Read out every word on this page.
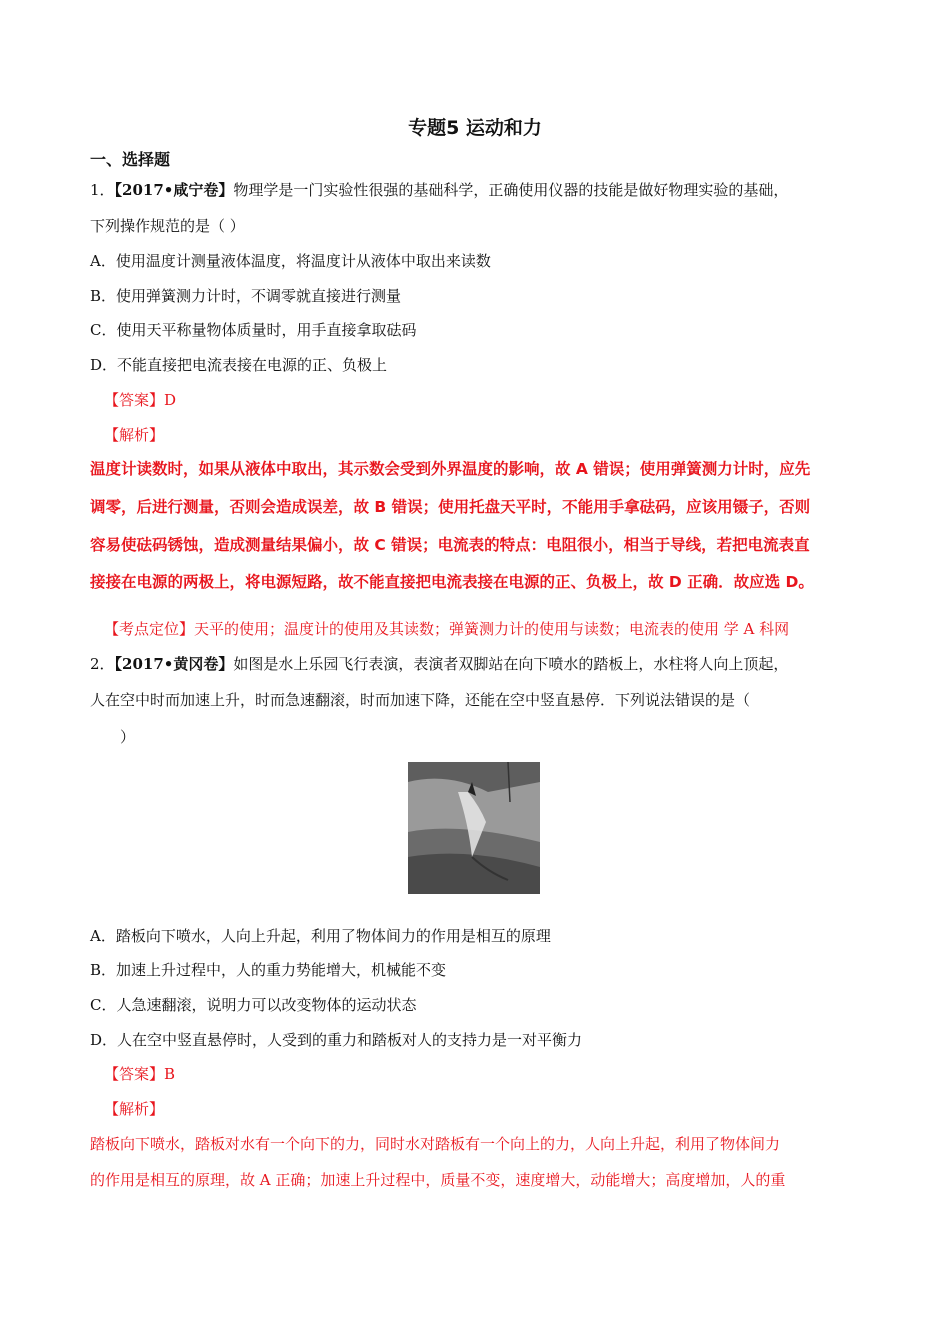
专题5 运动和力
一、选择题
1．【2017•咸宁卷】物理学是一门实验性很强的基础科学，正确使用仪器的技能是做好物理实验的基础，
下列操作规范的是（ ）
A．使用温度计测量液体温度，将温度计从液体中取出来读数
B．使用弹簧测力计时，不调零就直接进行测量
C．使用天平称量物体质量时，用手直接拿取砝码
D．不能直接把电流表接在电源的正、负极上
【答案】D
【解析】
温度计读数时，如果从液体中取出，其示数会受到外界温度的影响，故 A 错误；使用弹簧测力计时，应先
调零，后进行测量，否则会造成误差，故 B 错误；使用托盘天平时，不能用手拿砝码，应该用镊子，否则
容易使砝码锈蚀，造成测量结果偏小，故 C 错误；电流表的特点：电阻很小，相当于导线，若把电流表直
接接在电源的两极上，将电源短路，故不能直接把电流表接在电源的正、负极上，故 D 正确．故应选 D。
【考点定位】天平的使用；温度计的使用及其读数；弹簧测力计的使用与读数；电流表的使用 学 A 科网
2．【2017•黄冈卷】如图是水上乐园飞行表演，表演者双脚站在向下喷水的踏板上，水柱将人向上顶起，
人在空中时而加速上升，时而急速翻滚，时而加速下降，还能在空中竖直悬停．下列说法错误的是（
）
A．踏板向下喷水，人向上升起，利用了物体间力的作用是相互的原理
B．加速上升过程中，人的重力势能增大，机械能不变
C．人急速翻滚，说明力可以改变物体的运动状态
D．人在空中竖直悬停时，人受到的重力和踏板对人的支持力是一对平衡力
【答案】B
【解析】
踏板向下喷水，踏板对水有一个向下的力，同时水对踏板有一个向上的力，人向上升起，利用了物体间力
的作用是相互的原理，故 A 正确；加速上升过程中，质量不变，速度增大，动能增大；高度增加，人的重
